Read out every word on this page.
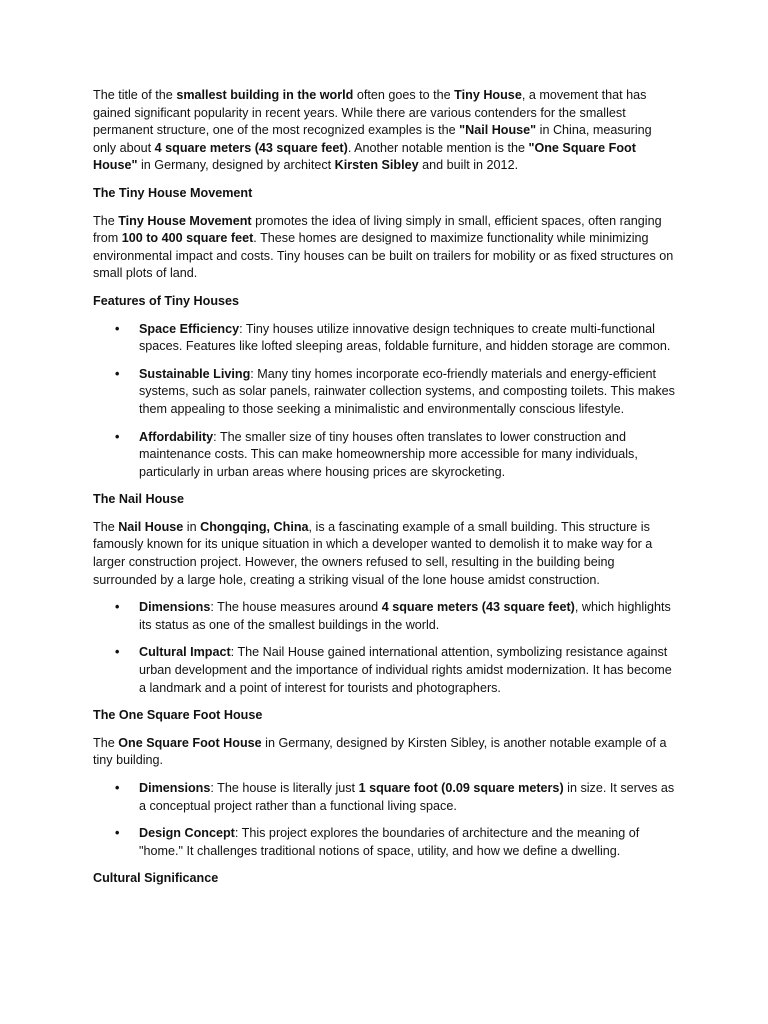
The title of the smallest building in the world often goes to the Tiny House, a movement that has gained significant popularity in recent years. While there are various contenders for the smallest permanent structure, one of the most recognized examples is the "Nail House" in China, measuring only about 4 square meters (43 square feet). Another notable mention is the "One Square Foot House" in Germany, designed by architect Kirsten Sibley and built in 2012.

The Tiny House Movement

The Tiny House Movement promotes the idea of living simply in small, efficient spaces, often ranging from 100 to 400 square feet. These homes are designed to maximize functionality while minimizing environmental impact and costs. Tiny houses can be built on trailers for mobility or as fixed structures on small plots of land.

Features of Tiny Houses

• Space Efficiency: Tiny houses utilize innovative design techniques to create multi-functional spaces. Features like lofted sleeping areas, foldable furniture, and hidden storage are common.
• Sustainable Living: Many tiny homes incorporate eco-friendly materials and energy-efficient systems, such as solar panels, rainwater collection systems, and composting toilets. This makes them appealing to those seeking a minimalistic and environmentally conscious lifestyle.
• Affordability: The smaller size of tiny houses often translates to lower construction and maintenance costs. This can make homeownership more accessible for many individuals, particularly in urban areas where housing prices are skyrocketing.

The Nail House

The Nail House in Chongqing, China, is a fascinating example of a small building. This structure is famously known for its unique situation in which a developer wanted to demolish it to make way for a larger construction project. However, the owners refused to sell, resulting in the building being surrounded by a large hole, creating a striking visual of the lone house amidst construction.

• Dimensions: The house measures around 4 square meters (43 square feet), which highlights its status as one of the smallest buildings in the world.
• Cultural Impact: The Nail House gained international attention, symbolizing resistance against urban development and the importance of individual rights amidst modernization. It has become a landmark and a point of interest for tourists and photographers.

The One Square Foot House

The One Square Foot House in Germany, designed by Kirsten Sibley, is another notable example of a tiny building.

• Dimensions: The house is literally just 1 square foot (0.09 square meters) in size. It serves as a conceptual project rather than a functional living space.
• Design Concept: This project explores the boundaries of architecture and the meaning of "home." It challenges traditional notions of space, utility, and how we define a dwelling.

Cultural Significance
